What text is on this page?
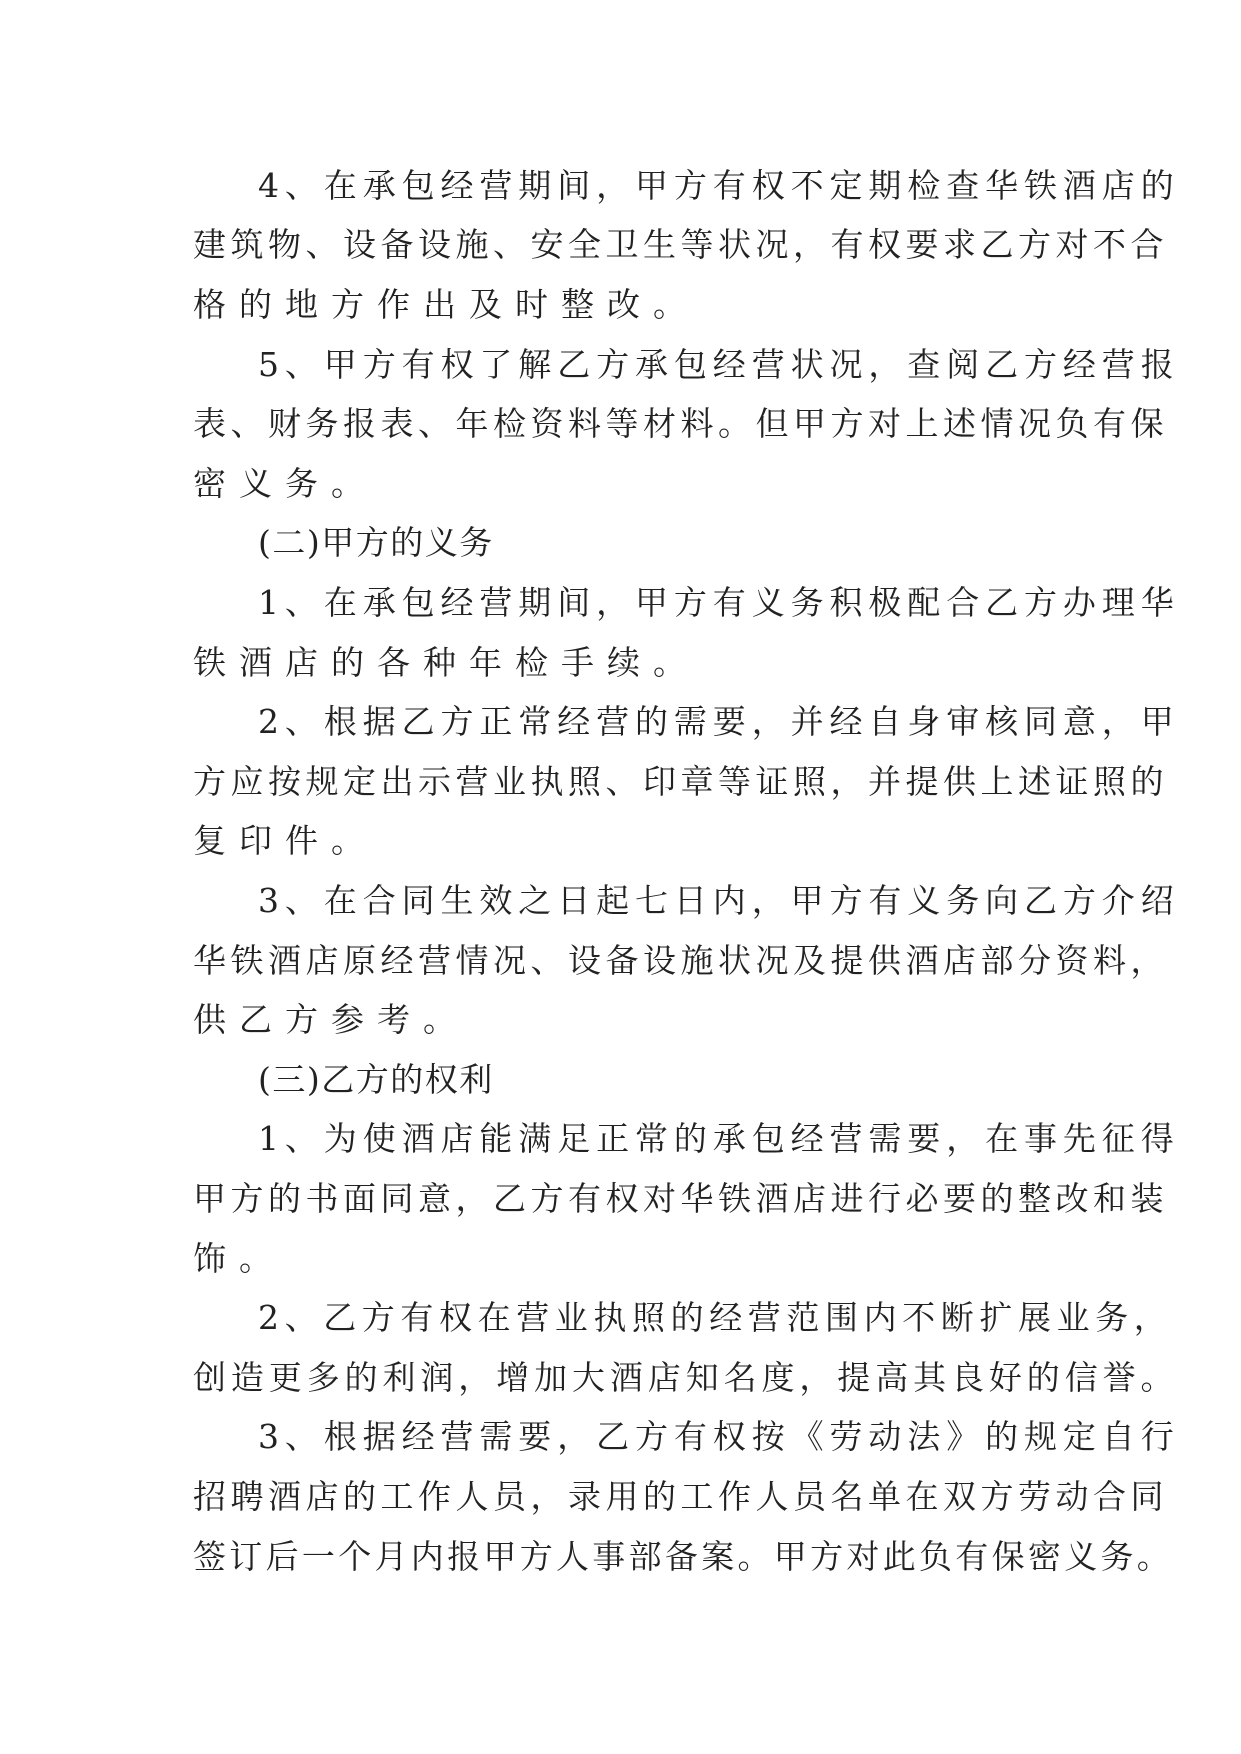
4、在承包经营期间，甲方有权不定期检查华铁酒店的
建筑物、设备设施、安全卫生等状况，有权要求乙方对不合
格的地方作出及时整改。
5、甲方有权了解乙方承包经营状况，查阅乙方经营报
表、财务报表、年检资料等材料。但甲方对上述情况负有保
密义务。
(二)甲方的义务
1、在承包经营期间，甲方有义务积极配合乙方办理华
铁酒店的各种年检手续。
2、根据乙方正常经营的需要，并经自身审核同意，甲
方应按规定出示营业执照、印章等证照，并提供上述证照的
复印件。
3、在合同生效之日起七日内，甲方有义务向乙方介绍
华铁酒店原经营情况、设备设施状况及提供酒店部分资料，
供乙方参考。
(三)乙方的权利
1、为使酒店能满足正常的承包经营需要，在事先征得
甲方的书面同意，乙方有权对华铁酒店进行必要的整改和装
饰。
2、乙方有权在营业执照的经营范围内不断扩展业务，
创造更多的利润，增加大酒店知名度，提高其良好的信誉。
3、根据经营需要，乙方有权按《劳动法》的规定自行
招聘酒店的工作人员，录用的工作人员名单在双方劳动合同
签订后一个月内报甲方人事部备案。甲方对此负有保密义务。
